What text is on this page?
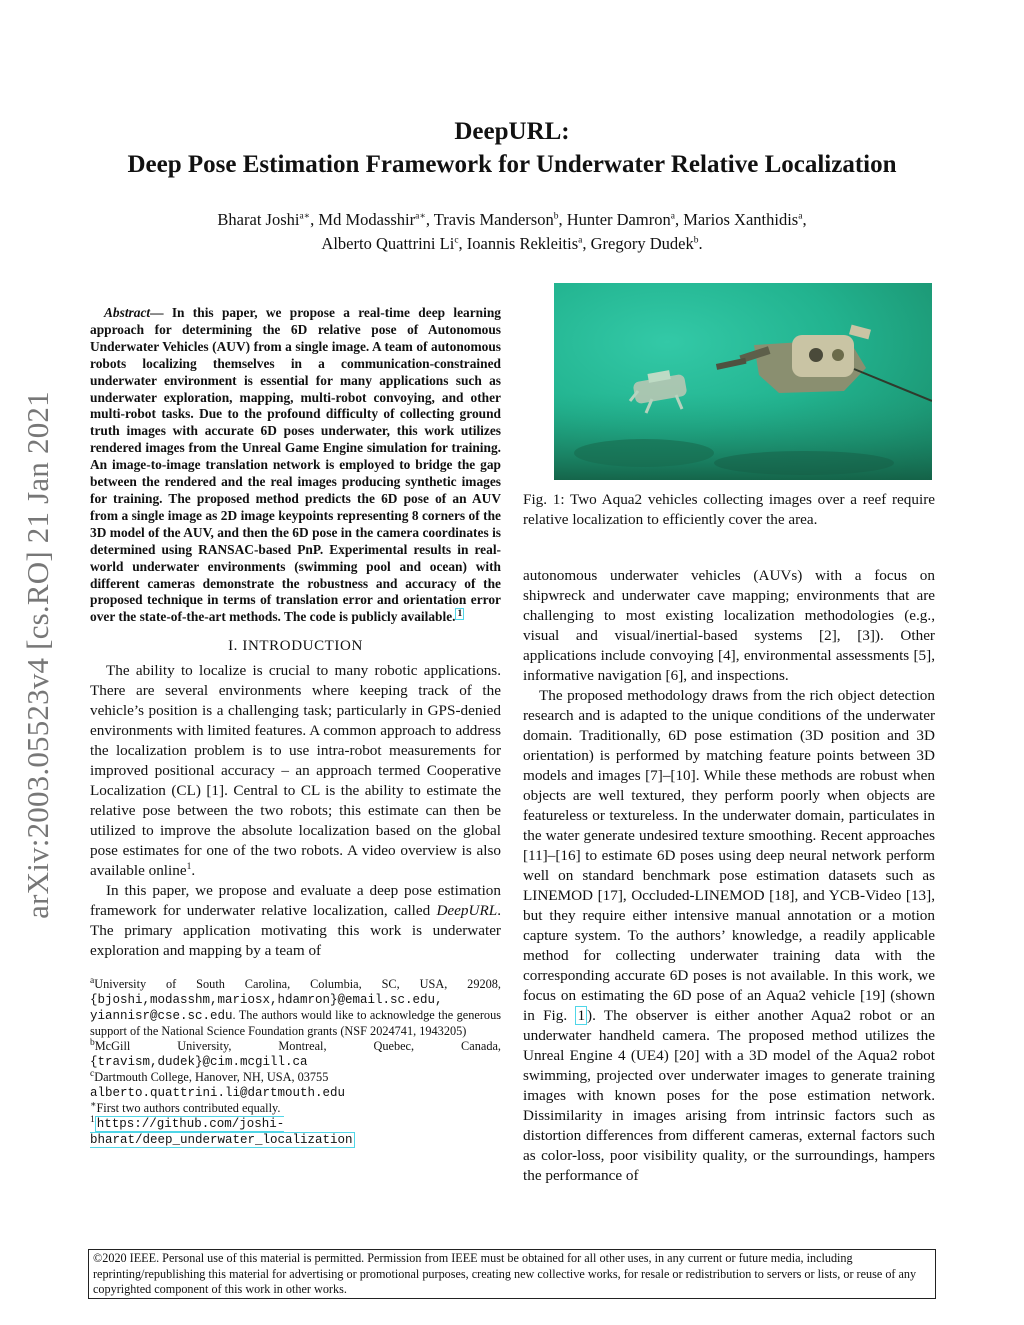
arXiv:2003.05523v4 [cs.RO] 21 Jan 2021
DeepURL:
Deep Pose Estimation Framework for Underwater Relative Localization
Bharat Joshi$^{a∗}$, Md Modasshir$^{a∗}$, Travis Manderson$^b$, Hunter Damron$^a$, Marios Xanthidis$^a$,
Alberto Quattrini Li$^c$, Ioannis Rekleitis$^a$, Gregory Dudek$^b$.

Abstract— In this paper, we propose a real-time deep learning approach for determining the 6D relative pose of Autonomous Underwater Vehicles (AUV) from a single image. A team of autonomous robots localizing themselves in a communication-constrained underwater environment is essential for many applications such as underwater exploration, mapping, multi-robot convoying, and other multi-robot tasks. Due to the profound difficulty of collecting ground truth images with accurate 6D poses underwater, this work utilizes rendered images from the Unreal Game Engine simulation for training. An image-to-image translation network is employed to bridge the gap between the rendered and the real images producing synthetic images for training. The proposed method predicts the 6D pose of an AUV from a single image as 2D image keypoints representing 8 corners of the 3D model of the AUV, and then the 6D pose in the camera coordinates is determined using RANSAC-based PnP. Experimental results in real-world underwater environments (swimming pool and ocean) with different cameras demonstrate the robustness and accuracy of the proposed technique in terms of translation error and orientation error over the state-of-the-art methods. The code is publicly available. $^1$

I. INTRODUCTION

The ability to localize is crucial to many robotic applications. There are several environments where keeping track of the vehicle’s position is a challenging task; particularly in GPS-denied environments with limited features. A common approach to address the localization problem is to use intra-robot measurements for improved positional accuracy – an approach termed Cooperative Localization (CL) [1]. Central to CL is the ability to estimate the relative pose between the two robots; this estimate can then be utilized to improve the absolute localization based on the global pose estimates for one of the two robots. A video overview is also available online$^1$.

In this paper, we propose and evaluate a deep pose estimation framework for underwater relative localization, called DeepURL. The primary application motivating this work is underwater exploration and mapping by a team of

$^a$University of South Carolina, Columbia, SC, USA, 29208, {bjoshi,modasshm,mariosx,hdamron}@email.sc.edu, yiannisr@cse.sc.edu. The authors would like to acknowledge the generous support of the National Science Foundation grants (NSF 2024741, 1943205)

$^b$McGill University, Montreal, Quebec, Canada, {travism,dudek}@cim.mcgill.ca

$^c$Dartmouth College, Hanover, NH, USA, 03755
alberto.quattrini.li@dartmouth.edu

∗First two authors contributed equally.

$^1$ https://github.com/joshi-bharat/deep_underwater_localization

Fig. 1: Two Aqua2 vehicles collecting images over a reef require relative localization to efficiently cover the area.

autonomous underwater vehicles (AUVs) with a focus on shipwreck and underwater cave mapping; environments that are challenging to most existing localization methodologies (e.g., visual and visual/inertial-based systems [2], [3]). Other applications include convoying [4], environmental assessments [5], informative navigation [6], and inspections.

The proposed methodology draws from the rich object detection research and is adapted to the unique conditions of the underwater domain. Traditionally, 6D pose estimation (3D position and 3D orientation) is performed by matching feature points between 3D models and images [7]–[10]. While these methods are robust when objects are well textured, they perform poorly when objects are featureless or textureless. In the underwater domain, particulates in the water generate undesired texture smoothing. Recent approaches [11]–[16] to estimate 6D poses using deep neural network perform well on standard benchmark pose estimation datasets such as LINEMOD [17], Occluded-LINEMOD [18], and YCB-Video [13], but they require either intensive manual annotation or a motion capture system. To the authors’ knowledge, a readily applicable method for collecting underwater training data with the corresponding accurate 6D poses is not available. In this work, we focus on estimating the 6D pose of an Aqua2 vehicle [19] (shown in Fig. 1 ). The observer is either another Aqua2 robot or an underwater handheld camera. The proposed method utilizes the Unreal Engine 4 (UE4) [20] with a 3D model of the Aqua2 robot swimming, projected over underwater images to generate training images with known poses for the pose estimation network. Dissimilarity in images arising from intrinsic factors such as distortion differences from different cameras, external factors such as color-loss, poor visibility quality, or the surroundings, hampers the performance of

©2020 IEEE. Personal use of this material is permitted. Permission from IEEE must be obtained for all other uses, in any current or future media, including reprinting/republishing this material for advertising or promotional purposes, creating new collective works, for resale or redistribution to servers or lists, or reuse of any copyrighted component of this work in other works.
